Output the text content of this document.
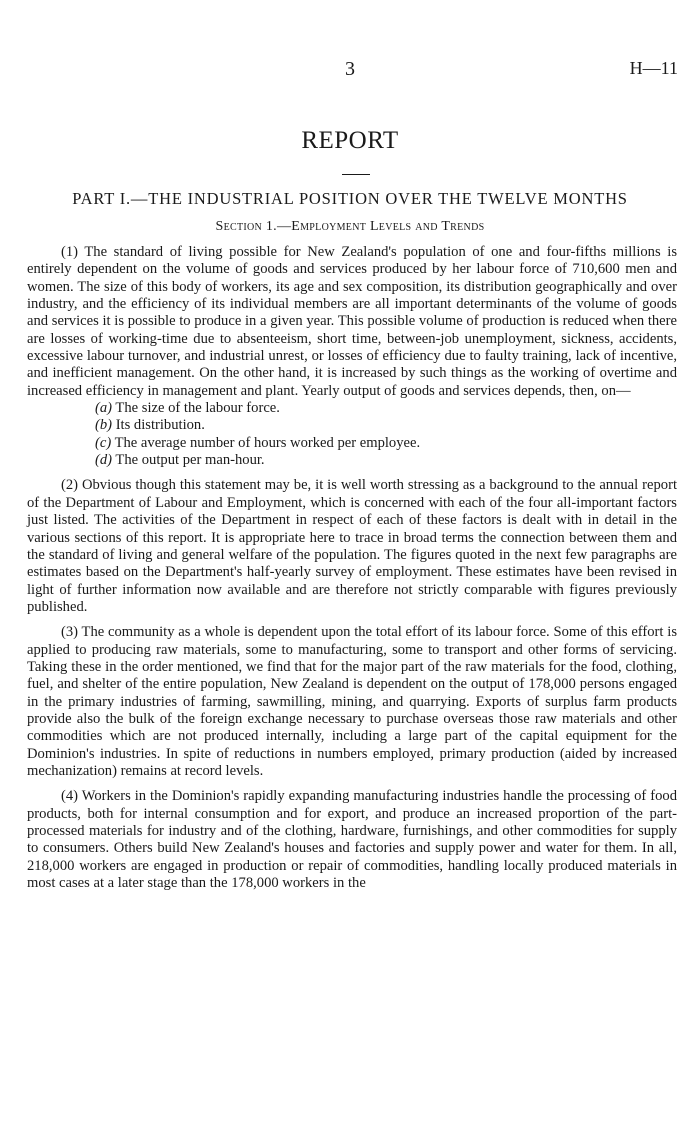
3	H—11
REPORT
PART I.—THE INDUSTRIAL POSITION OVER THE TWELVE MONTHS
Section 1.—Employment Levels and Trends

(1) The standard of living possible for New Zealand's population of one and four-fifths millions is entirely dependent on the volume of goods and services produced by her labour force of 710,600 men and women. The size of this body of workers, its age and sex composition, its distribution geographically and over industry, and the efficiency of its individual members are all important determinants of the volume of goods and services it is possible to produce in a given year. This possible volume of production is reduced when there are losses of working-time due to absenteeism, short time, between-job unemployment, sickness, accidents, excessive labour turnover, and industrial unrest, or losses of efficiency due to faulty training, lack of incentive, and inefficient management. On the other hand, it is increased by such things as the working of overtime and increased efficiency in management and plant. Yearly output of goods and services depends, then, on—

(a) The size of the labour force.
(b) Its distribution.
(c) The average number of hours worked per employee.
(d) The output per man-hour.

(2) Obvious though this statement may be, it is well worth stressing as a background to the annual report of the Department of Labour and Employment, which is concerned with each of the four all-important factors just listed. The activities of the Department in respect of each of these factors is dealt with in detail in the various sections of this report. It is appropriate here to trace in broad terms the connection between them and the standard of living and general welfare of the population. The figures quoted in the next few paragraphs are estimates based on the Department's half-yearly survey of employment. These estimates have been revised in light of further information now available and are therefore not strictly comparable with figures previously published.

(3) The community as a whole is dependent upon the total effort of its labour force. Some of this effort is applied to producing raw materials, some to manufacturing, some to transport and other forms of servicing. Taking these in the order mentioned, we find that for the major part of the raw materials for the food, clothing, fuel, and shelter of the entire population, New Zealand is dependent on the output of 178,000 persons engaged in the primary industries of farming, sawmilling, mining, and quarrying. Exports of surplus farm products provide also the bulk of the foreign exchange necessary to purchase overseas those raw materials and other commodities which are not produced internally, including a large part of the capital equipment for the Dominion's industries. In spite of reductions in numbers employed, primary production (aided by increased mechanization) remains at record levels.

(4) Workers in the Dominion's rapidly expanding manufacturing industries handle the processing of food products, both for internal consumption and for export, and produce an increased proportion of the part-processed materials for industry and of the clothing, hardware, furnishings, and other commodities for supply to consumers. Others build New Zealand's houses and factories and supply power and water for them. In all, 218,000 workers are engaged in production or repair of commodities, handling locally produced materials in most cases at a later stage than the 178,000 workers in the
